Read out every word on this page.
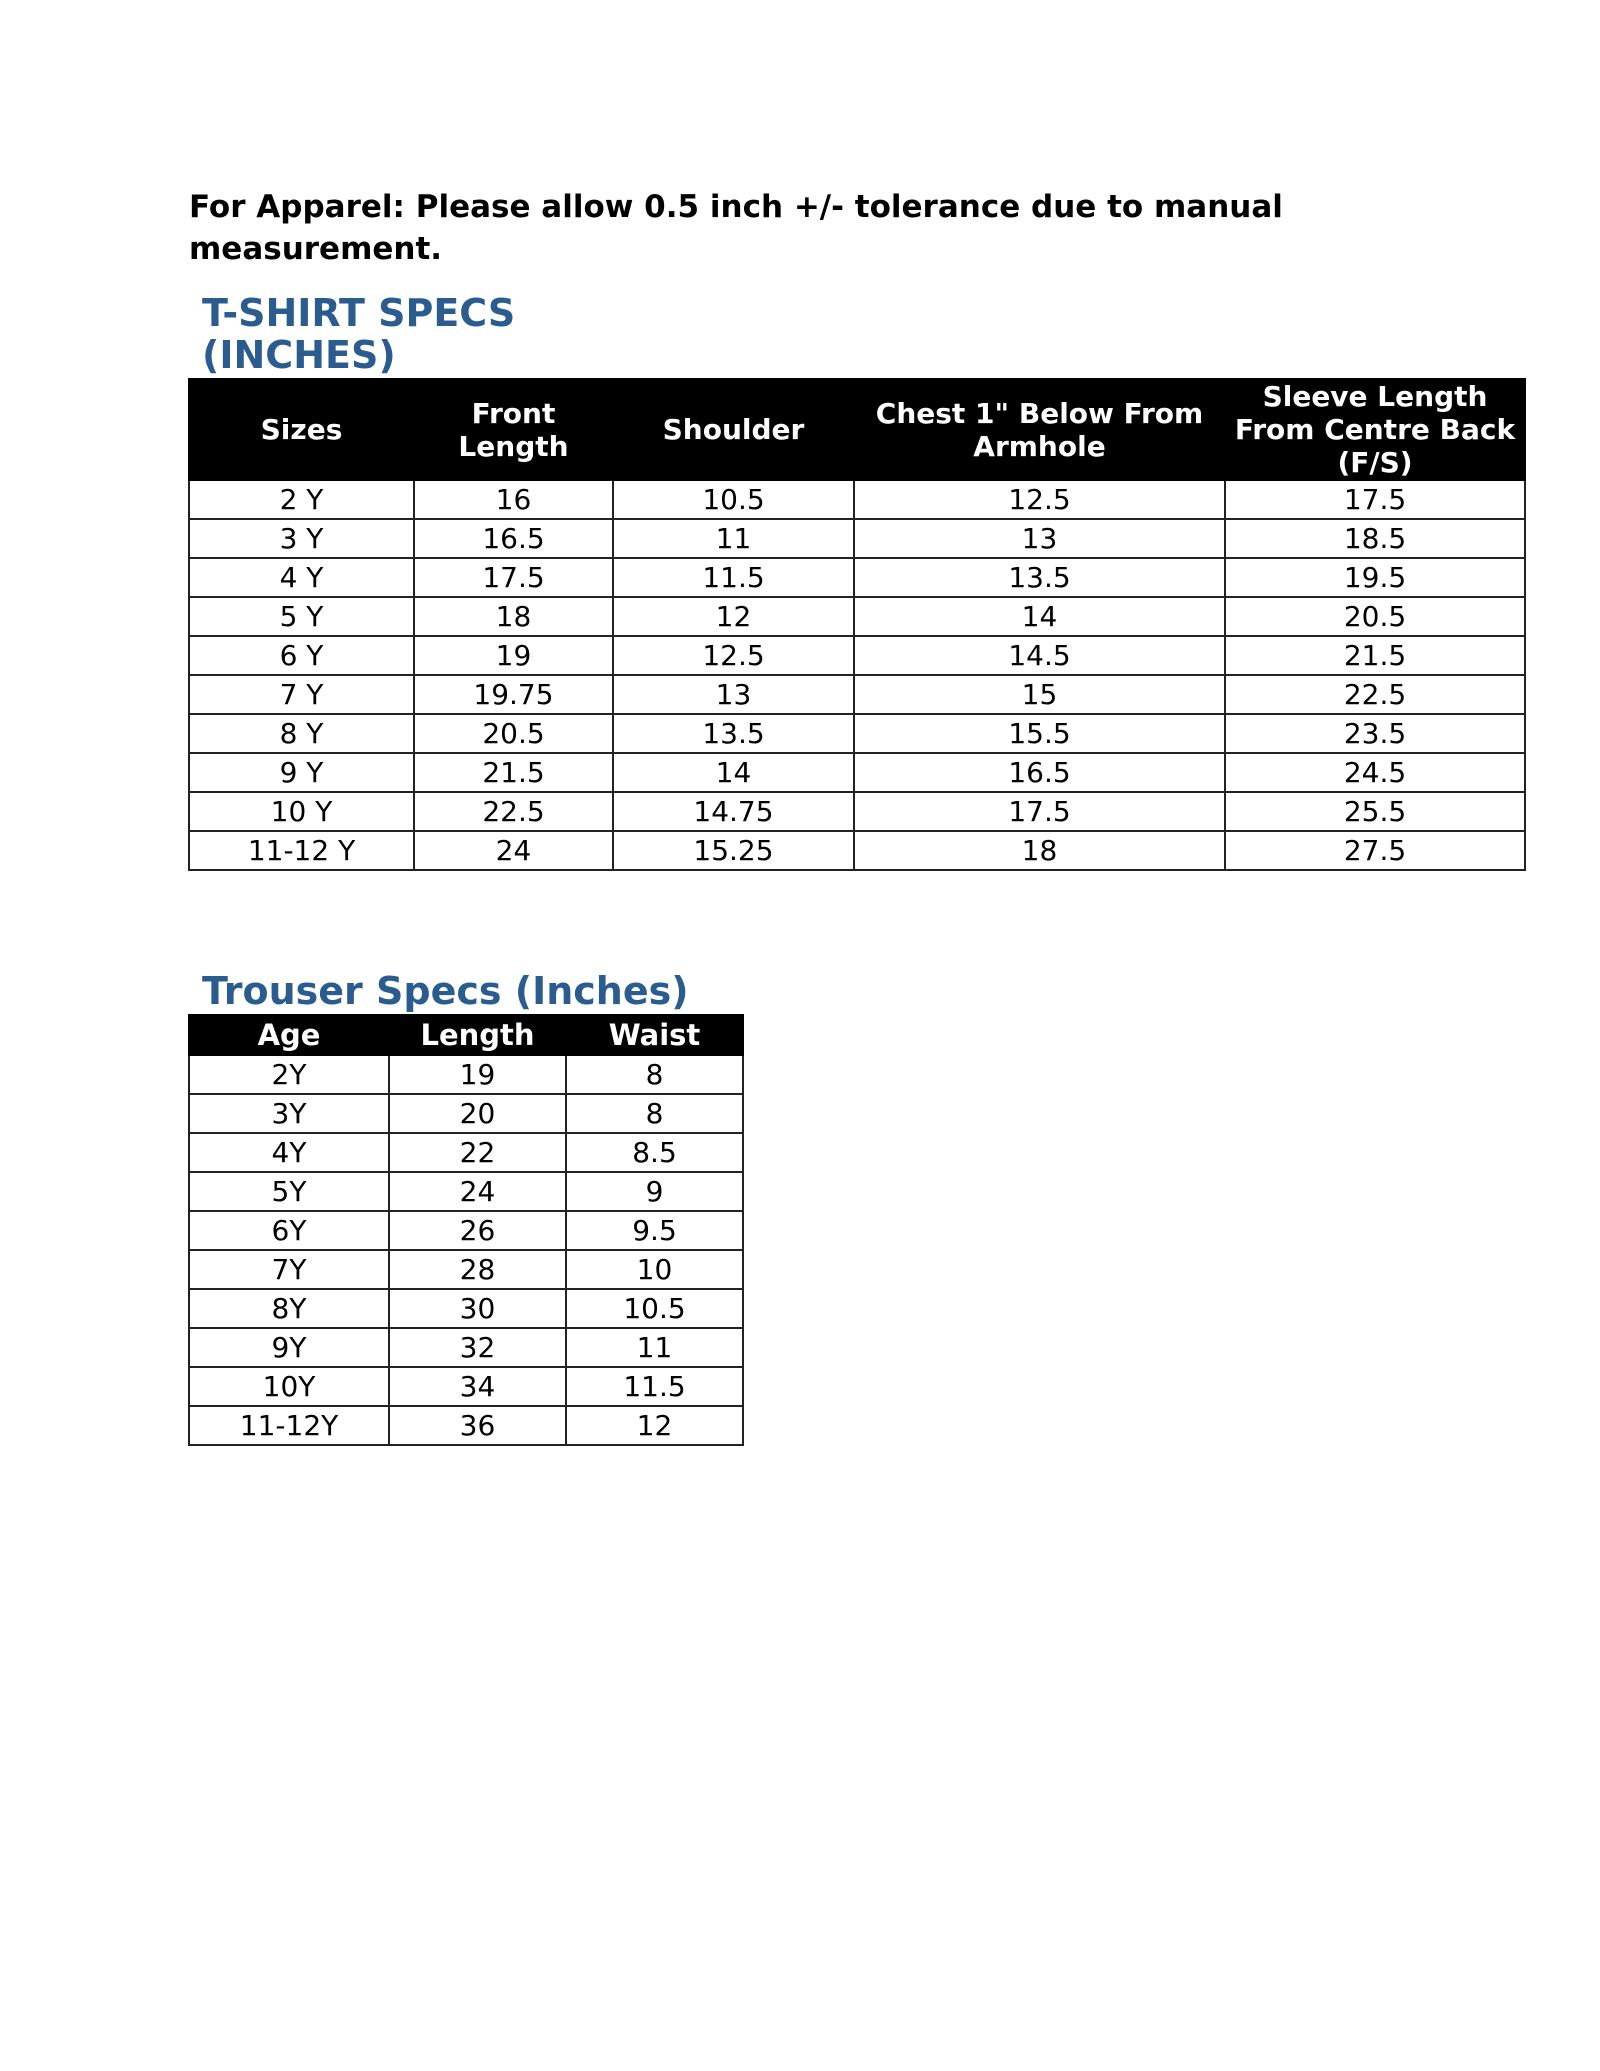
For Apparel: Please allow 0.5 inch +/- tolerance due to manual measurement.

T-SHIRT SPECS (INCHES)
Sizes	Front Length	Shoulder	Chest 1" Below From Armhole	Sleeve Length From Centre Back (F/S)
2 Y	16	10.5	12.5	17.5
3 Y	16.5	11	13	18.5
4 Y	17.5	11.5	13.5	19.5
5 Y	18	12	14	20.5
6 Y	19	12.5	14.5	21.5
7 Y	19.75	13	15	22.5
8 Y	20.5	13.5	15.5	23.5
9 Y	21.5	14	16.5	24.5
10 Y	22.5	14.75	17.5	25.5
11-12 Y	24	15.25	18	27.5
Trouser Specs (Inches)
Age	Length	Waist
2Y	19	8
3Y	20	8
4Y	22	8.5
5Y	24	9
6Y	26	9.5
7Y	28	10
8Y	30	10.5
9Y	32	11
10Y	34	11.5
11-12Y	36	12
